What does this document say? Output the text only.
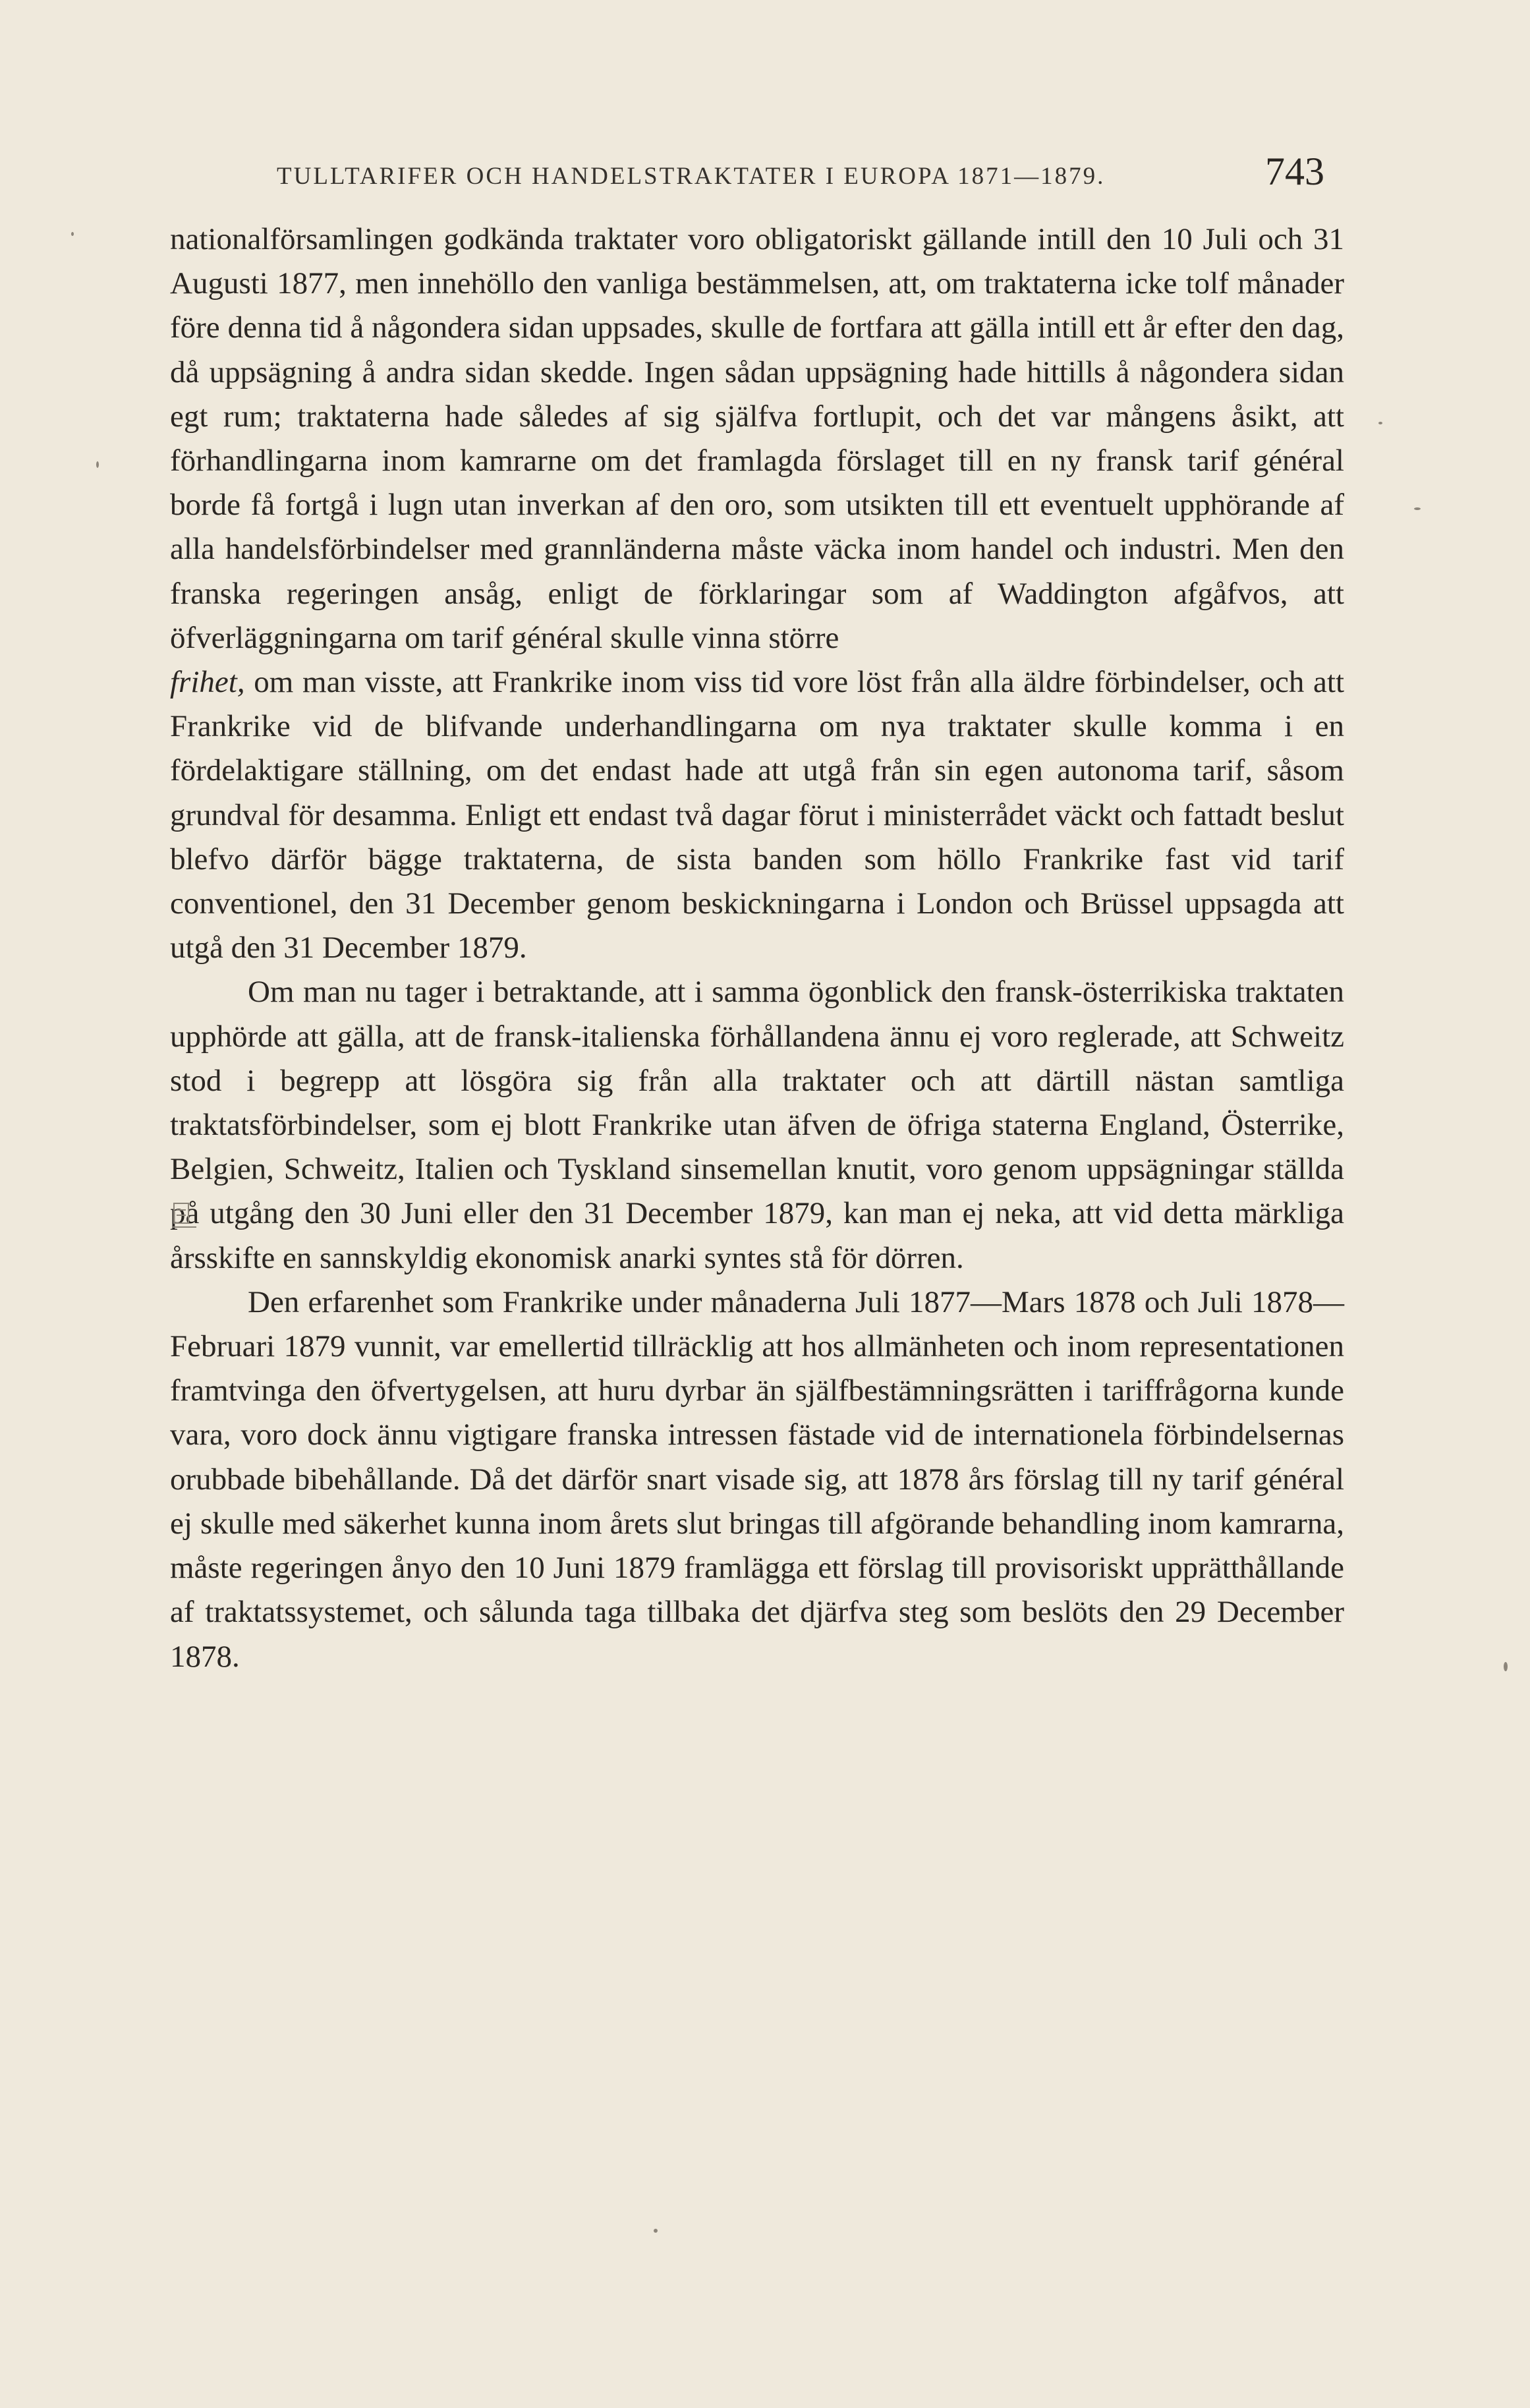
TULLTARIFER OCH HANDELSTRAKTATER I EUROPA 1871—1879.	743

nationalförsamlingen godkända traktater voro obligatoriskt gällande intill den 10 Juli och 31 Augusti 1877, men innehöllo den vanliga bestämmelsen, att, om traktaterna icke tolf månader före denna tid å någondera sidan uppsades, skulle de fortfara att gälla intill ett år efter den dag, då uppsägning å andra sidan skedde. Ingen sådan uppsägning hade hittills å någondera sidan egt rum; traktaterna hade således af sig själfva fortlupit, och det var mångens åsikt, att förhandlingarna inom kamrarne om det framlagda förslaget till en ny fransk tarif général borde få fortgå i lugn utan inverkan af den oro, som utsikten till ett eventuelt upphörande af alla handelsförbindelser med grannländerna måste väcka inom handel och industri. Men den franska regeringen ansåg, enligt de förklaringar som af Waddington afgåfvos, att öfverläggningarna om tarif général skulle vinna större

frihet, om man visste, att Frankrike inom viss tid vore löst från alla äldre förbindelser, och att Frankrike vid de blifvande underhandlingarna om nya traktater skulle komma i en fördelaktigare ställning, om det endast hade att utgå från sin egen autonoma tarif, såsom grundval för desamma. Enligt ett endast två dagar förut i ministerrådet väckt och fattadt beslut blefvo därför bägge traktaterna, de sista banden som höllo Frankrike fast vid tarif conventionel, den 31 December genom beskickningarna i London och Brüssel uppsagda att utgå den 31 December 1879.

Om man nu tager i betraktande, att i samma ögonblick den fransk-österrikiska traktaten upphörde att gälla, att de fransk-italienska förhållandena ännu ej voro reglerade, att Schweitz stod i begrepp att lösgöra sig från alla traktater och att därtill nästan samtliga traktatsförbindelser, som ej blott Frankrike utan äfven de öfriga staterna England, Österrike, Belgien, Schweitz, Italien och Tyskland sinsemellan knutit, voro genom uppsägningar ställda på utgång den 30 Juni eller den 31 December 1879, kan man ej neka, att vid detta märkliga årsskifte en sannskyldig ekonomisk anarki syntes stå för dörren.

Den erfarenhet som Frankrike under månaderna Juli 1877—Mars 1878 och Juli 1878—Februari 1879 vunnit, var emellertid tillräcklig att hos allmänheten och inom representationen framtvinga den öfvertygelsen, att huru dyrbar än själfbestämningsrätten i tariffrågorna kunde vara, voro dock ännu vigtigare franska intressen fästade vid de internationela förbindelsernas orubbade bibehållande. Då det därför snart visade sig, att 1878 års förslag till ny tarif général ej skulle med säkerhet kunna inom årets slut bringas till afgörande behandling inom kamrarna, måste regeringen ånyo den 10 Juni 1879 framlägga ett förslag till provisoriskt upprätthållande af traktatssystemet, och sålunda taga tillbaka det djärfva steg som beslöts den 29 December 1878.
